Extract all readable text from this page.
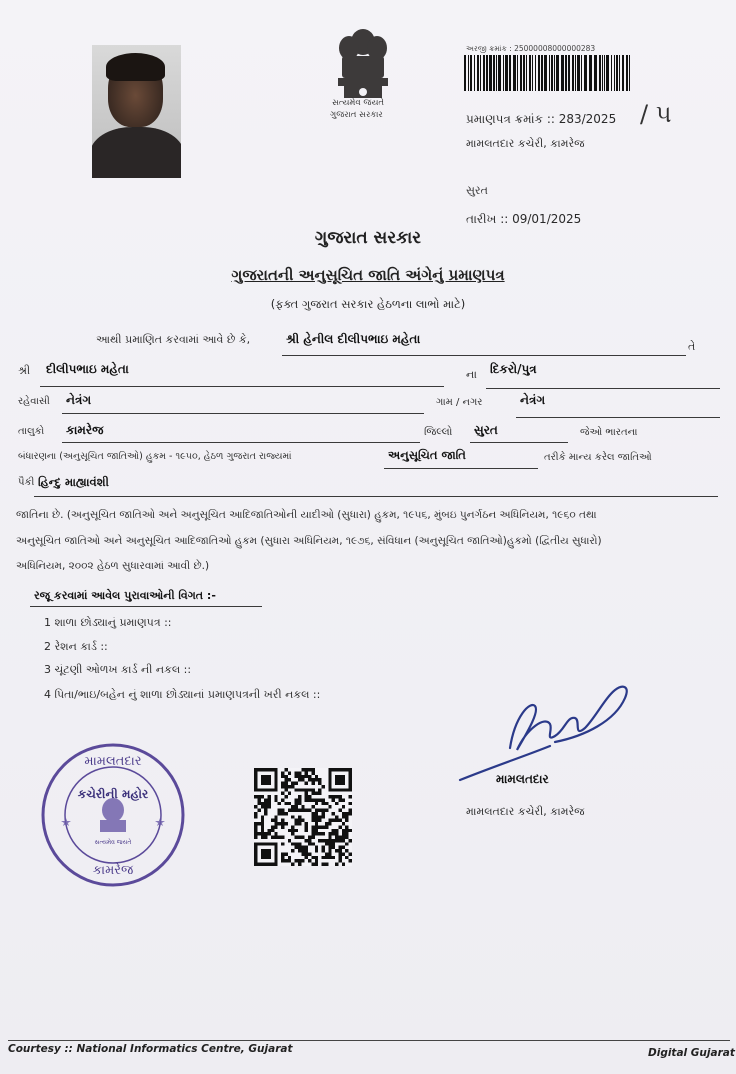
સત્યમેવ જયતે
ગુજરાત સરકાર
અરજી ક્રમાંક : 25000008000000283
પ્રમાણપત્ર ક્રમાંક :: 283/2025 / ૫
મામલતદાર કચેરી, કામરેજ
સુરત
તારીખ :: 09/01/2025
ગુજરાત સરકાર
ગુજરાતની અનુસૂચિત જાતિ અંગેનું પ્રમાણપત્ર
(ફક્ત ગુજરાત સરકાર હેઠળના લાભો માટે)
આથી પ્રમાણિત કરવામાં આવે છે કે,	શ્રી હેનીલ દીલીપભાઇ મહેતા
તે
શ્રી દીલીપભાઇ મહેતા	ના દિકરો/પુત્ર
રહેવાસી નેત્રંગ	ગામ / નગર	નેત્રંગ
તાલુકો કામરેજ	જિલ્લો સુરત	જેઓ ભારતના
બંધારણના (અનુસૂચિત જાતિઓ) હુકમ - ૧૯૫૦, હેઠળ ગુજરાત રાજ્યમાં	અનુસૂચિત જાતિ	તરીકે માન્ય કરેલ જાતિઓ
પૈકી હિન્દુ માહ્યાવંશી
જાતિના છે. (અનુસૂચિત જાતિઓ અને અનુસૂચિત આદિજાતિઓની યાદીઓ (સુધારા) હુકમ, ૧૯૫૬, મુંબઇ પુનર્ગઠન અધિનિયમ, ૧૯૬૦ તથા
અનુસૂચિત જાતિઓ અને અનુસૂચિત આદિજાતિઓ હુકમ (સુધારા અધિનિયમ, ૧૯૭૬, સંવિધાન (અનુસૂચિત જાતિઓ)હુકમો (દ્વિતીય સુધારો)
અધિનિયમ, ૨૦૦૨ હેઠળ સુધારવામાં આવી છે.)
રજૂ કરવામાં આવેલ પુરાવાઓની વિગત :-
1 શાળા છોડ્યાનું પ્રમાણપત્ર ::
2 રેશન કાર્ડ ::
3 ચૂંટણી ઓળખ કાર્ડ ની નકલ ::
4 પિતા/ભાઇ/બહેન નું શાળા છોડ્યાનાં પ્રમાણપત્રની ખરી નકલ ::
મામલતદાર
કચેરીની મહોર
સત્યમેવ જયતે
કામરેજ
મામલતદાર
મામલતદાર કચેરી, કામરેજ
Courtesy :: National Informatics Centre, Gujarat	Digital Gujarat
